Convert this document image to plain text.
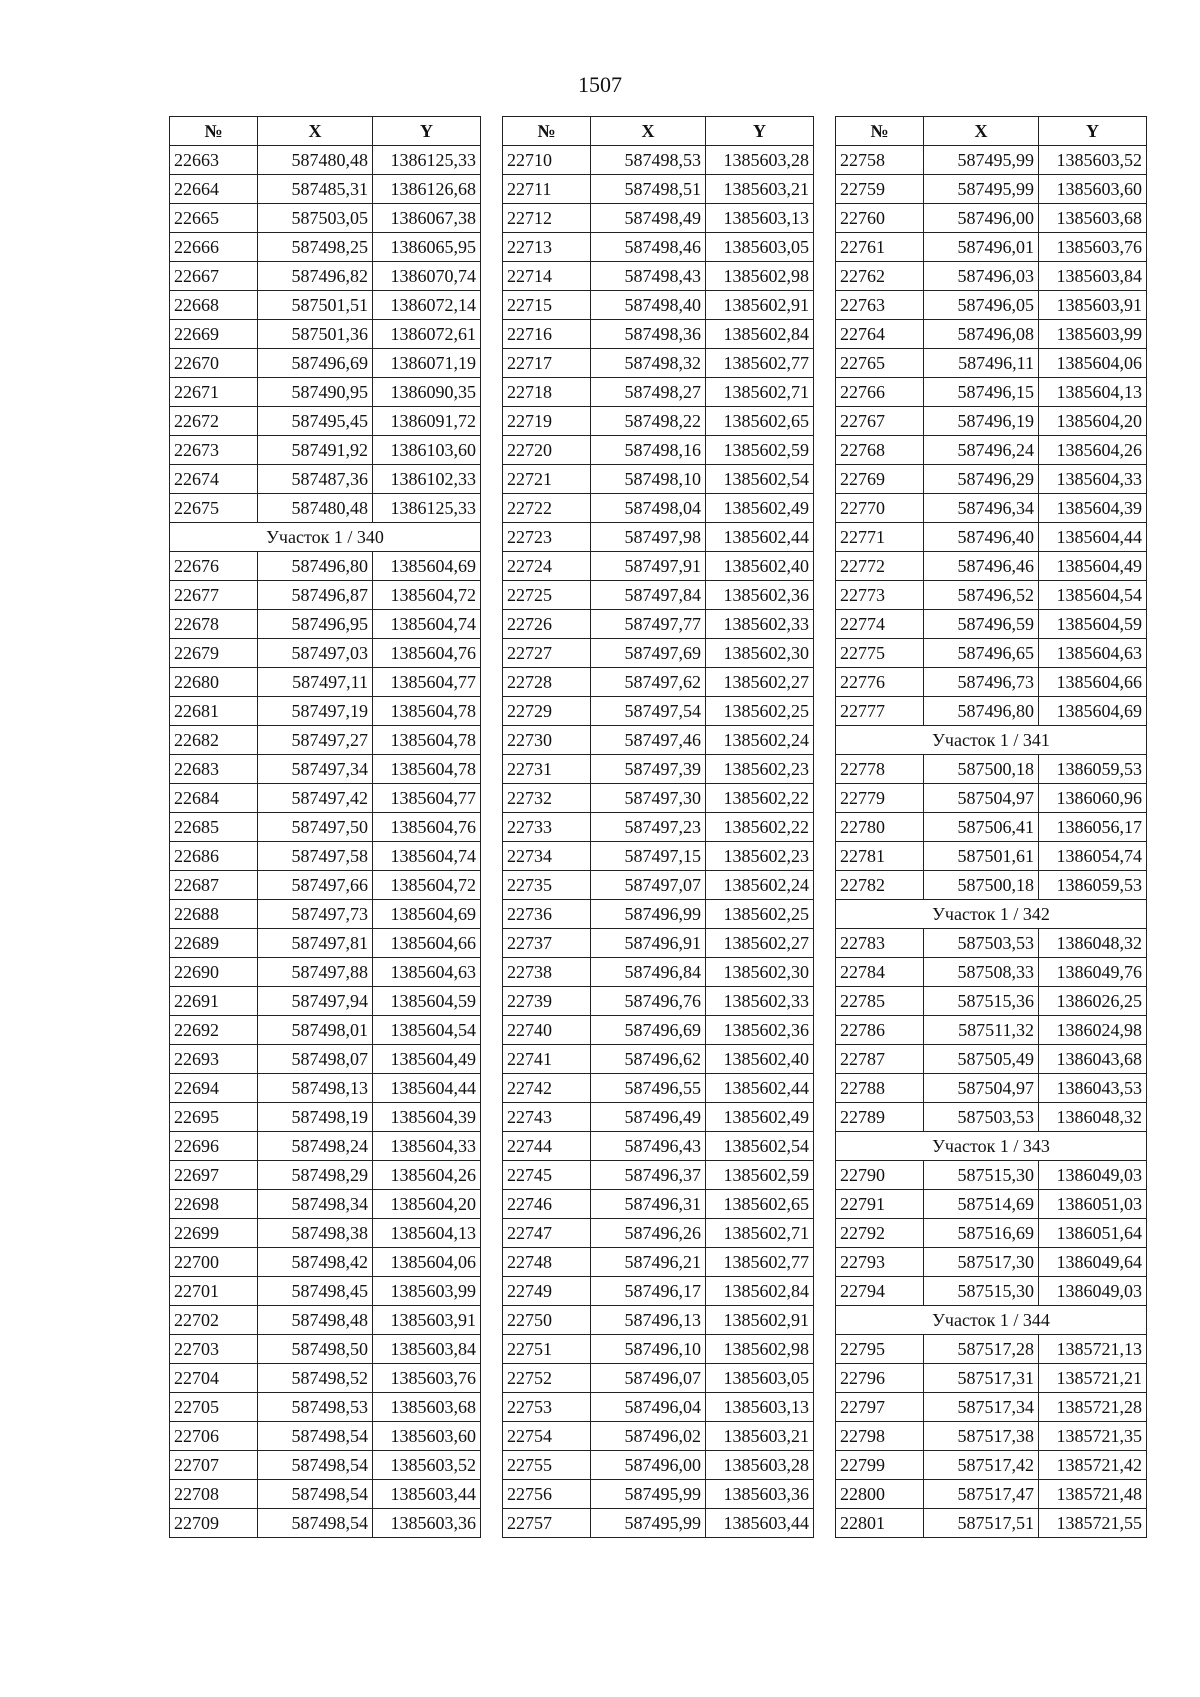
1507
№	X	Y
22663	587480,48	1386125,33
22664	587485,31	1386126,68
22665	587503,05	1386067,38
22666	587498,25	1386065,95
22667	587496,82	1386070,74
22668	587501,51	1386072,14
22669	587501,36	1386072,61
22670	587496,69	1386071,19
22671	587490,95	1386090,35
22672	587495,45	1386091,72
22673	587491,92	1386103,60
22674	587487,36	1386102,33
22675	587480,48	1386125,33
Участок 1 / 340		
22676	587496,80	1385604,69
22677	587496,87	1385604,72
22678	587496,95	1385604,74
22679	587497,03	1385604,76
22680	587497,11	1385604,77
22681	587497,19	1385604,78
22682	587497,27	1385604,78
22683	587497,34	1385604,78
22684	587497,42	1385604,77
22685	587497,50	1385604,76
22686	587497,58	1385604,74
22687	587497,66	1385604,72
22688	587497,73	1385604,69
22689	587497,81	1385604,66
22690	587497,88	1385604,63
22691	587497,94	1385604,59
22692	587498,01	1385604,54
22693	587498,07	1385604,49
22694	587498,13	1385604,44
22695	587498,19	1385604,39
22696	587498,24	1385604,33
22697	587498,29	1385604,26
22698	587498,34	1385604,20
22699	587498,38	1385604,13
22700	587498,42	1385604,06
22701	587498,45	1385603,99
22702	587498,48	1385603,91
22703	587498,50	1385603,84
22704	587498,52	1385603,76
22705	587498,53	1385603,68
22706	587498,54	1385603,60
22707	587498,54	1385603,52
22708	587498,54	1385603,44
22709	587498,54	1385603,36
№	X	Y
22710	587498,53	1385603,28
22711	587498,51	1385603,21
22712	587498,49	1385603,13
22713	587498,46	1385603,05
22714	587498,43	1385602,98
22715	587498,40	1385602,91
22716	587498,36	1385602,84
22717	587498,32	1385602,77
22718	587498,27	1385602,71
22719	587498,22	1385602,65
22720	587498,16	1385602,59
22721	587498,10	1385602,54
22722	587498,04	1385602,49
22723	587497,98	1385602,44
22724	587497,91	1385602,40
22725	587497,84	1385602,36
22726	587497,77	1385602,33
22727	587497,69	1385602,30
22728	587497,62	1385602,27
22729	587497,54	1385602,25
22730	587497,46	1385602,24
22731	587497,39	1385602,23
22732	587497,30	1385602,22
22733	587497,23	1385602,22
22734	587497,15	1385602,23
22735	587497,07	1385602,24
22736	587496,99	1385602,25
22737	587496,91	1385602,27
22738	587496,84	1385602,30
22739	587496,76	1385602,33
22740	587496,69	1385602,36
22741	587496,62	1385602,40
22742	587496,55	1385602,44
22743	587496,49	1385602,49
22744	587496,43	1385602,54
22745	587496,37	1385602,59
22746	587496,31	1385602,65
22747	587496,26	1385602,71
22748	587496,21	1385602,77
22749	587496,17	1385602,84
22750	587496,13	1385602,91
22751	587496,10	1385602,98
22752	587496,07	1385603,05
22753	587496,04	1385603,13
22754	587496,02	1385603,21
22755	587496,00	1385603,28
22756	587495,99	1385603,36
22757	587495,99	1385603,44
№	X	Y
22758	587495,99	1385603,52
22759	587495,99	1385603,60
22760	587496,00	1385603,68
22761	587496,01	1385603,76
22762	587496,03	1385603,84
22763	587496,05	1385603,91
22764	587496,08	1385603,99
22765	587496,11	1385604,06
22766	587496,15	1385604,13
22767	587496,19	1385604,20
22768	587496,24	1385604,26
22769	587496,29	1385604,33
22770	587496,34	1385604,39
22771	587496,40	1385604,44
22772	587496,46	1385604,49
22773	587496,52	1385604,54
22774	587496,59	1385604,59
22775	587496,65	1385604,63
22776	587496,73	1385604,66
22777	587496,80	1385604,69
Участок 1 / 341		
22778	587500,18	1386059,53
22779	587504,97	1386060,96
22780	587506,41	1386056,17
22781	587501,61	1386054,74
22782	587500,18	1386059,53
Участок 1 / 342		
22783	587503,53	1386048,32
22784	587508,33	1386049,76
22785	587515,36	1386026,25
22786	587511,32	1386024,98
22787	587505,49	1386043,68
22788	587504,97	1386043,53
22789	587503,53	1386048,32
Участок 1 / 343		
22790	587515,30	1386049,03
22791	587514,69	1386051,03
22792	587516,69	1386051,64
22793	587517,30	1386049,64
22794	587515,30	1386049,03
Участок 1 / 344		
22795	587517,28	1385721,13
22796	587517,31	1385721,21
22797	587517,34	1385721,28
22798	587517,38	1385721,35
22799	587517,42	1385721,42
22800	587517,47	1385721,48
22801	587517,51	1385721,55
